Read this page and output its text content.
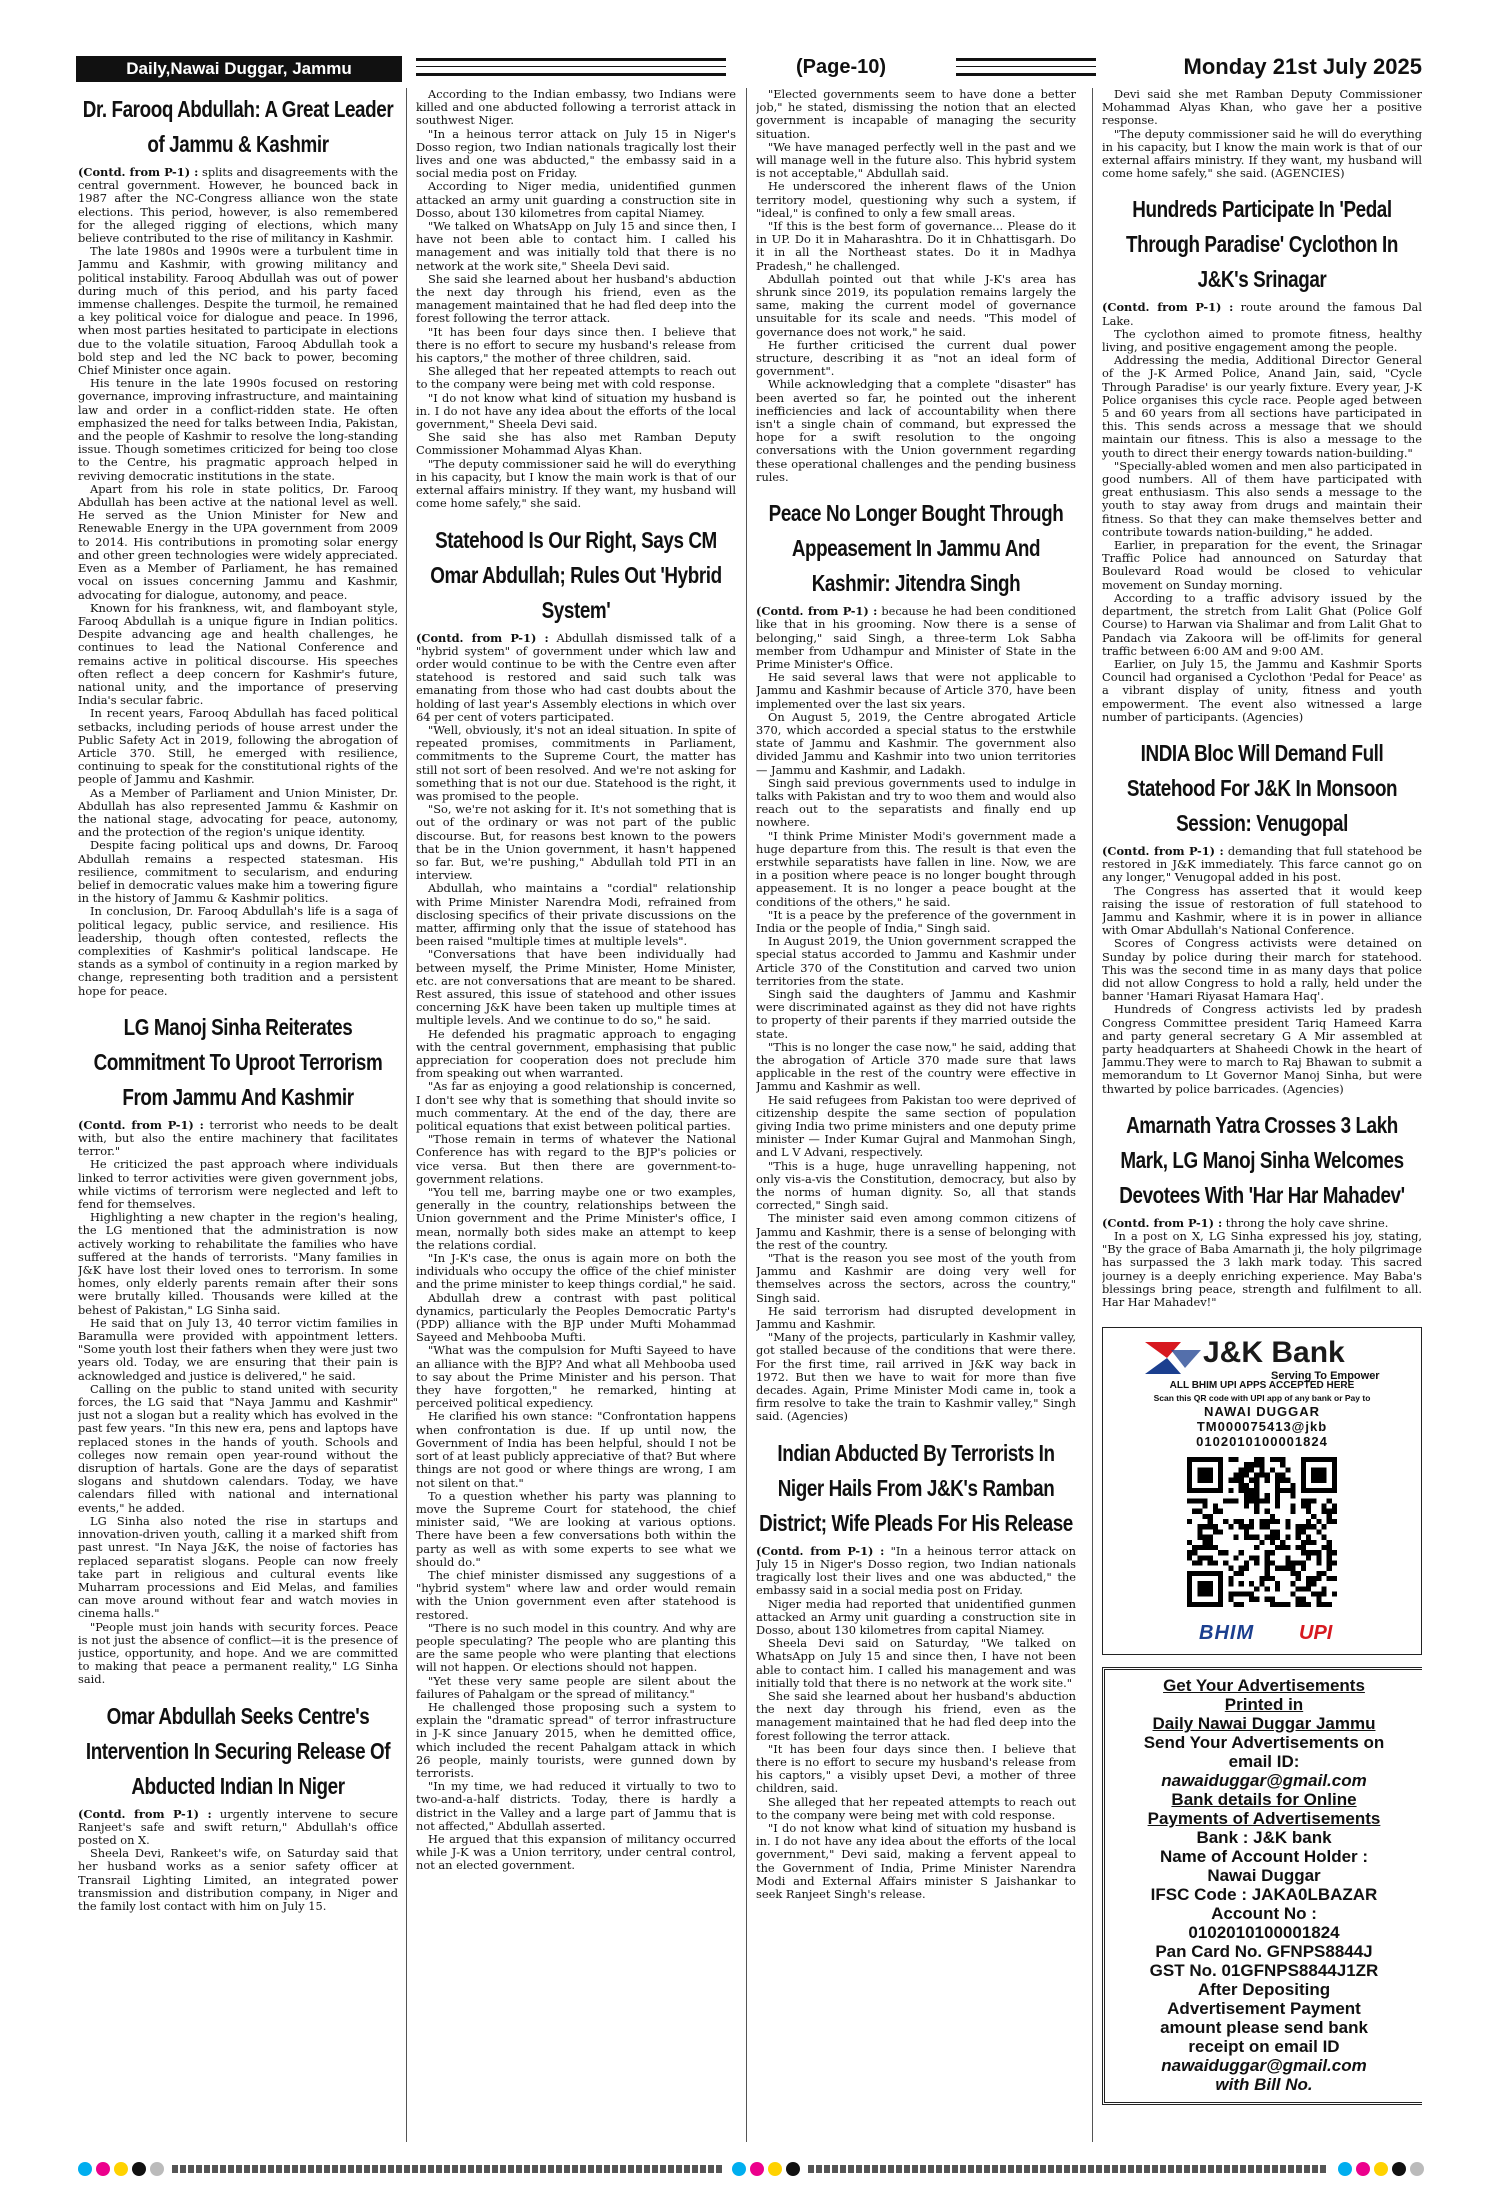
Daily,Nawai Duggar, Jammu	(Page-10)	Monday 21st July 2025
Dr. Farooq Abdullah: A Great Leader of Jammu & Kashmir

(Contd. from P-1) : splits and disagreements with the central government. However, he bounced back in 1987 after the NC-Congress alliance won the state elections. This period, however, is also remembered for the alleged rigging of elections, which many believe contributed to the rise of militancy in Kashmir.

The late 1980s and 1990s were a turbulent time in Jammu and Kashmir, with growing militancy and political instability. Farooq Abdullah was out of power during much of this period, and his party faced immense challenges. Despite the turmoil, he remained a key political voice for dialogue and peace. In 1996, when most parties hesitated to participate in elections due to the volatile situation, Farooq Abdullah took a bold step and led the NC back to power, becoming Chief Minister once again.

His tenure in the late 1990s focused on restoring governance, improving infrastructure, and maintaining law and order in a conflict-ridden state. He often emphasized the need for talks between India, Pakistan, and the people of Kashmir to resolve the long-standing issue. Though sometimes criticized for being too close to the Centre, his pragmatic approach helped in reviving democratic institutions in the state.

Apart from his role in state politics, Dr. Farooq Abdullah has been active at the national level as well. He served as the Union Minister for New and Renewable Energy in the UPA government from 2009 to 2014. His contributions in promoting solar energy and other green technologies were widely appreciated. Even as a Member of Parliament, he has remained vocal on issues concerning Jammu and Kashmir, advocating for dialogue, autonomy, and peace.

Known for his frankness, wit, and flamboyant style, Farooq Abdullah is a unique figure in Indian politics. Despite advancing age and health challenges, he continues to lead the National Conference and remains active in political discourse. His speeches often reflect a deep concern for Kashmir's future, national unity, and the importance of preserving India's secular fabric.

In recent years, Farooq Abdullah has faced political setbacks, including periods of house arrest under the Public Safety Act in 2019, following the abrogation of Article 370. Still, he emerged with resilience, continuing to speak for the constitutional rights of the people of Jammu and Kashmir.

As a Member of Parliament and Union Minister, Dr. Abdullah has also represented Jammu & Kashmir on the national stage, advocating for peace, autonomy, and the protection of the region's unique identity.

Despite facing political ups and downs, Dr. Farooq Abdullah remains a respected statesman. His resilience, commitment to secularism, and enduring belief in democratic values make him a towering figure in the history of Jammu & Kashmir politics.

In conclusion, Dr. Farooq Abdullah's life is a saga of political legacy, public service, and resilience. His leadership, though often contested, reflects the complexities of Kashmir's political landscape. He stands as a symbol of continuity in a region marked by change, representing both tradition and a persistent hope for peace.

LG Manoj Sinha Reiterates Commitment To Uproot Terrorism From Jammu And Kashmir

(Contd. from P-1) : terrorist who needs to be dealt with, but also the entire machinery that facilitates terror."

He criticized the past approach where individuals linked to terror activities were given government jobs, while victims of terrorism were neglected and left to fend for themselves.

Highlighting a new chapter in the region's healing, the LG mentioned that the administration is now actively working to rehabilitate the families who have suffered at the hands of terrorists. "Many families in J&K have lost their loved ones to terrorism. In some homes, only elderly parents remain after their sons were brutally killed. Thousands were killed at the behest of Pakistan," LG Sinha said.

He said that on July 13, 40 terror victim families in Baramulla were provided with appointment letters. "Some youth lost their fathers when they were just two years old. Today, we are ensuring that their pain is acknowledged and justice is delivered," he said.

Calling on the public to stand united with security forces, the LG said that "Naya Jammu and Kashmir" just not a slogan but a reality which has evolved in the past few years. "In this new era, pens and laptops have replaced stones in the hands of youth. Schools and colleges now remain open year-round without the disruption of hartals. Gone are the days of separatist slogans and shutdown calendars. Today, we have calendars filled with national and international events," he added.

LG Sinha also noted the rise in startups and innovation-driven youth, calling it a marked shift from past unrest. "In Naya J&K, the noise of factories has replaced separatist slogans. People can now freely take part in religious and cultural events like Muharram processions and Eid Melas, and families can move around without fear and watch movies in cinema halls."

"People must join hands with security forces. Peace is not just the absence of conflict—it is the presence of justice, opportunity, and hope. And we are committed to making that peace a permanent reality," LG Sinha said.

Omar Abdullah Seeks Centre's Intervention In Securing Release Of Abducted Indian In Niger

(Contd. from P-1) : urgently intervene to secure Ranjeet's safe and swift return," Abdullah's office posted on X.

Sheela Devi, Rankeet's wife, on Saturday said that her husband works as a senior safety officer at Transrail Lighting Limited, an integrated power transmission and distribution company, in Niger and the family lost contact with him on July 15.

According to the Indian embassy, two Indians were killed and one abducted following a terrorist attack in southwest Niger.

"In a heinous terror attack on July 15 in Niger's Dosso region, two Indian nationals tragically lost their lives and one was abducted," the embassy said in a social media post on Friday.

According to Niger media, unidentified gunmen attacked an army unit guarding a construction site in Dosso, about 130 kilometres from capital Niamey.

"We talked on WhatsApp on July 15 and since then, I have not been able to contact him. I called his management and was initially told that there is no network at the work site," Sheela Devi said.

She said she learned about her husband's abduction the next day through his friend, even as the management maintained that he had fled deep into the forest following the terror attack.

"It has been four days since then. I believe that there is no effort to secure my husband's release from his captors," the mother of three children, said.

She alleged that her repeated attempts to reach out to the company were being met with cold response.

"I do not know what kind of situation my husband is in. I do not have any idea about the efforts of the local government," Sheela Devi said.

She said she has also met Ramban Deputy Commissioner Mohammad Alyas Khan.

"The deputy commissioner said he will do everything in his capacity, but I know the main work is that of our external affairs ministry. If they want, my husband will come home safely," she said.

Statehood Is Our Right, Says CM Omar Abdullah; Rules Out 'Hybrid System'

(Contd. from P-1) : Abdullah dismissed talk of a "hybrid system" of government under which law and order would continue to be with the Centre even after statehood is restored and said such talk was emanating from those who had cast doubts about the holding of last year's Assembly elections in which over 64 per cent of voters participated.

"Well, obviously, it's not an ideal situation. In spite of repeated promises, commitments in Parliament, commitments to the Supreme Court, the matter has still not sort of been resolved. And we're not asking for something that is not our due. Statehood is the right, it was promised to the people.

"So, we're not asking for it. It's not something that is out of the ordinary or was not part of the public discourse. But, for reasons best known to the powers that be in the Union government, it hasn't happened so far. But, we're pushing," Abdullah told PTI in an interview.

Abdullah, who maintains a "cordial" relationship with Prime Minister Narendra Modi, refrained from disclosing specifics of their private discussions on the matter, affirming only that the issue of statehood has been raised "multiple times at multiple levels".

"Conversations that have been individually had between myself, the Prime Minister, Home Minister, etc. are not conversations that are meant to be shared. Rest assured, this issue of statehood and other issues concerning J&K have been taken up multiple times at multiple levels. And we continue to do so," he said.

He defended his pragmatic approach to engaging with the central government, emphasising that public appreciation for cooperation does not preclude him from speaking out when warranted.

"As far as enjoying a good relationship is concerned, I don't see why that is something that should invite so much commentary. At the end of the day, there are political equations that exist between political parties.

"Those remain in terms of whatever the National Conference has with regard to the BJP's policies or vice versa. But then there are government-to-government relations.

"You tell me, barring maybe one or two examples, generally in the country, relationships between the Union government and the Prime Minister's office, I mean, normally both sides make an attempt to keep the relations cordial.

"In J-K's case, the onus is again more on both the individuals who occupy the office of the chief minister and the prime minister to keep things cordial," he said.

Abdullah drew a contrast with past political dynamics, particularly the Peoples Democratic Party's (PDP) alliance with the BJP under Mufti Mohammad Sayeed and Mehbooba Mufti.

"What was the compulsion for Mufti Sayeed to have an alliance with the BJP? And what all Mehbooba used to say about the Prime Minister and his person. That they have forgotten," he remarked, hinting at perceived political expediency.

He clarified his own stance: "Confrontation happens when confrontation is due. If up until now, the Government of India has been helpful, should I not be sort of at least publicly appreciative of that? But where things are not good or where things are wrong, I am not silent on that."

To a question whether his party was planning to move the Supreme Court for statehood, the chief minister said, "We are looking at various options. There have been a few conversations both within the party as well as with some experts to see what we should do."

The chief minister dismissed any suggestions of a "hybrid system" where law and order would remain with the Union government even after statehood is restored.

"There is no such model in this country. And why are people speculating? The people who are planting this are the same people who were planting that elections will not happen. Or elections should not happen.

"Yet these very same people are silent about the failures of Pahalgam or the spread of militancy."

He challenged those proposing such a system to explain the "dramatic spread" of terror infrastructure in J-K since January 2015, when he demitted office, which included the recent Pahalgam attack in which 26 people, mainly tourists, were gunned down by terrorists.

"In my time, we had reduced it virtually to two to two-and-a-half districts. Today, there is hardly a district in the Valley and a large part of Jammu that is not affected," Abdullah asserted.

He argued that this expansion of militancy occurred while J-K was a Union territory, under central control, not an elected government.

"Elected governments seem to have done a better job," he stated, dismissing the notion that an elected government is incapable of managing the security situation.

"We have managed perfectly well in the past and we will manage well in the future also. This hybrid system is not acceptable," Abdullah said.

He underscored the inherent flaws of the Union territory model, questioning why such a system, if "ideal," is confined to only a few small areas.

"If this is the best form of governance... Please do it in UP. Do it in Maharashtra. Do it in Chhattisgarh. Do it in all the Northeast states. Do it in Madhya Pradesh," he challenged.

Abdullah pointed out that while J-K's area has shrunk since 2019, its population remains largely the same, making the current model of governance unsuitable for its scale and needs. "This model of governance does not work," he said.

He further criticised the current dual power structure, describing it as "not an ideal form of government".

While acknowledging that a complete "disaster" has been averted so far, he pointed out the inherent inefficiencies and lack of accountability when there isn't a single chain of command, but expressed the hope for a swift resolution to the ongoing conversations with the Union government regarding these operational challenges and the pending business rules.

Peace No Longer Bought Through Appeasement In Jammu And Kashmir: Jitendra Singh

(Contd. from P-1) : because he had been conditioned like that in his grooming. Now there is a sense of belonging," said Singh, a three-term Lok Sabha member from Udhampur and Minister of State in the Prime Minister's Office.

He said several laws that were not applicable to Jammu and Kashmir because of Article 370, have been implemented over the last six years.

On August 5, 2019, the Centre abrogated Article 370, which accorded a special status to the erstwhile state of Jammu and Kashmir. The government also divided Jammu and Kashmir into two union territories — Jammu and Kashmir, and Ladakh.

Singh said previous governments used to indulge in talks with Pakistan and try to woo them and would also reach out to the separatists and finally end up nowhere.

"I think Prime Minister Modi's government made a huge departure from this. The result is that even the erstwhile separatists have fallen in line. Now, we are in a position where peace is no longer bought through appeasement. It is no longer a peace bought at the conditions of the others," he said.

"It is a peace by the preference of the government in India or the people of India," Singh said.

In August 2019, the Union government scrapped the special status accorded to Jammu and Kashmir under Article 370 of the Constitution and carved two union territories from the state.

Singh said the daughters of Jammu and Kashmir were discriminated against as they did not have rights to property of their parents if they married outside the state.

"This is no longer the case now," he said, adding that the abrogation of Article 370 made sure that laws applicable in the rest of the country were effective in Jammu and Kashmir as well.

He said refugees from Pakistan too were deprived of citizenship despite the same section of population giving India two prime ministers and one deputy prime minister — Inder Kumar Gujral and Manmohan Singh, and L V Advani, respectively.

"This is a huge, huge unravelling happening, not only vis-a-vis the Constitution, democracy, but also by the norms of human dignity. So, all that stands corrected," Singh said.

The minister said even among common citizens of Jammu and Kashmir, there is a sense of belonging with the rest of the country.

"That is the reason you see most of the youth from Jammu and Kashmir are doing very well for themselves across the sectors, across the country," Singh said.

He said terrorism had disrupted development in Jammu and Kashmir.

"Many of the projects, particularly in Kashmir valley, got stalled because of the conditions that were there. For the first time, rail arrived in J&K way back in 1972. But then we have to wait for more than five decades. Again, Prime Minister Modi came in, took a firm resolve to take the train to Kashmir valley," Singh said. (Agencies)

Indian Abducted By Terrorists In Niger Hails From J&K's Ramban District; Wife Pleads For His Release

(Contd. from P-1) : "In a heinous terror attack on July 15 in Niger's Dosso region, two Indian nationals tragically lost their lives and one was abducted," the embassy said in a social media post on Friday.

Niger media had reported that unidentified gunmen attacked an Army unit guarding a construction site in Dosso, about 130 kilometres from capital Niamey.

Sheela Devi said on Saturday, "We talked on WhatsApp on July 15 and since then, I have not been able to contact him. I called his management and was initially told that there is no network at the work site."

She said she learned about her husband's abduction the next day through his friend, even as the management maintained that he had fled deep into the forest following the terror attack.

"It has been four days since then. I believe that there is no effort to secure my husband's release from his captors," a visibly upset Devi, a mother of three children, said.

She alleged that her repeated attempts to reach out to the company were being met with cold response.

"I do not know what kind of situation my husband is in. I do not have any idea about the efforts of the local government," Devi said, making a fervent appeal to the Government of India, Prime Minister Narendra Modi and External Affairs minister S Jaishankar to seek Ranjeet Singh's release.

Devi said she met Ramban Deputy Commissioner Mohammad Alyas Khan, who gave her a positive response.

"The deputy commissioner said he will do everything in his capacity, but I know the main work is that of our external affairs ministry. If they want, my husband will come home safely," she said. (AGENCIES)

Hundreds Participate In 'Pedal Through Paradise' Cyclothon In J&K's Srinagar

(Contd. from P-1) : route around the famous Dal Lake.

The cyclothon aimed to promote fitness, healthy living, and positive engagement among the people.

Addressing the media, Additional Director General of the J-K Armed Police, Anand Jain, said, "Cycle Through Paradise' is our yearly fixture. Every year, J-K Police organises this cycle race. People aged between 5 and 60 years from all sections have participated in this. This sends across a message that we should maintain our fitness. This is also a message to the youth to direct their energy towards nation-building."

"Specially-abled women and men also participated in good numbers. All of them have participated with great enthusiasm. This also sends a message to the youth to stay away from drugs and maintain their fitness. So that they can make themselves better and contribute towards nation-building," he added.

Earlier, in preparation for the event, the Srinagar Traffic Police had announced on Saturday that Boulevard Road would be closed to vehicular movement on Sunday morning.

According to a traffic advisory issued by the department, the stretch from Lalit Ghat (Police Golf Course) to Harwan via Shalimar and from Lalit Ghat to Pandach via Zakoora will be off-limits for general traffic between 6:00 AM and 9:00 AM.

Earlier, on July 15, the Jammu and Kashmir Sports Council had organised a Cyclothon 'Pedal for Peace' as a vibrant display of unity, fitness and youth empowerment. The event also witnessed a large number of participants. (Agencies)

INDIA Bloc Will Demand Full Statehood For J&K In Monsoon Session: Venugopal

(Contd. from P-1) : demanding that full statehood be restored in J&K immediately. This farce cannot go on any longer," Venugopal added in his post.

The Congress has asserted that it would keep raising the issue of restoration of full statehood to Jammu and Kashmir, where it is in power in alliance with Omar Abdullah's National Conference.

Scores of Congress activists were detained on Sunday by police during their march for statehood. This was the second time in as many days that police did not allow Congress to hold a rally, held under the banner 'Hamari Riyasat Hamara Haq'.

Hundreds of Congress activists led by pradesh Congress Committee president Tariq Hameed Karra and party general secretary G A Mir assembled at party headquarters at Shaheedi Chowk in the heart of Jammu.They were to march to Raj Bhawan to submit a memorandum to Lt Governor Manoj Sinha, but were thwarted by police barricades. (Agencies)

Amarnath Yatra Crosses 3 Lakh Mark, LG Manoj Sinha Welcomes Devotees With 'Har Har Mahadev'

(Contd. from P-1) : throng the holy cave shrine.

In a post on X, LG Sinha expressed his joy, stating, "By the grace of Baba Amarnath ji, the holy pilgrimage has surpassed the 3 lakh mark today. This sacred journey is a deeply enriching experience. May Baba's blessings bring peace, strength and fulfilment to all. Har Har Mahadev!"

J&K Bank
Serving To Empower
ALL BHIM UPI APPS ACCEPTED HERE
Scan this QR code with UPI app of any bank or Pay to
NAWAI DUGGAR
TM000075413@jkb
0102010100001824
BHIM UPI
Get Your Advertisements
Printed in
Daily Nawai Duggar Jammu
Send Your Advertisements on
email ID:
nawaiduggar@gmail.com
Bank details for Online
Payments of Advertisements
Bank : J&K bank
Name of Account Holder :
Nawai Duggar
IFSC Code : JAKA0LBAZAR
Account No :
0102010100001824
Pan Card No. GFNPS8844J
GST No. 01GFNPS8844J1ZR
After Depositing
Advertisement Payment
amount please send bank
receipt on email ID
nawaiduggar@gmail.com
with Bill No.
